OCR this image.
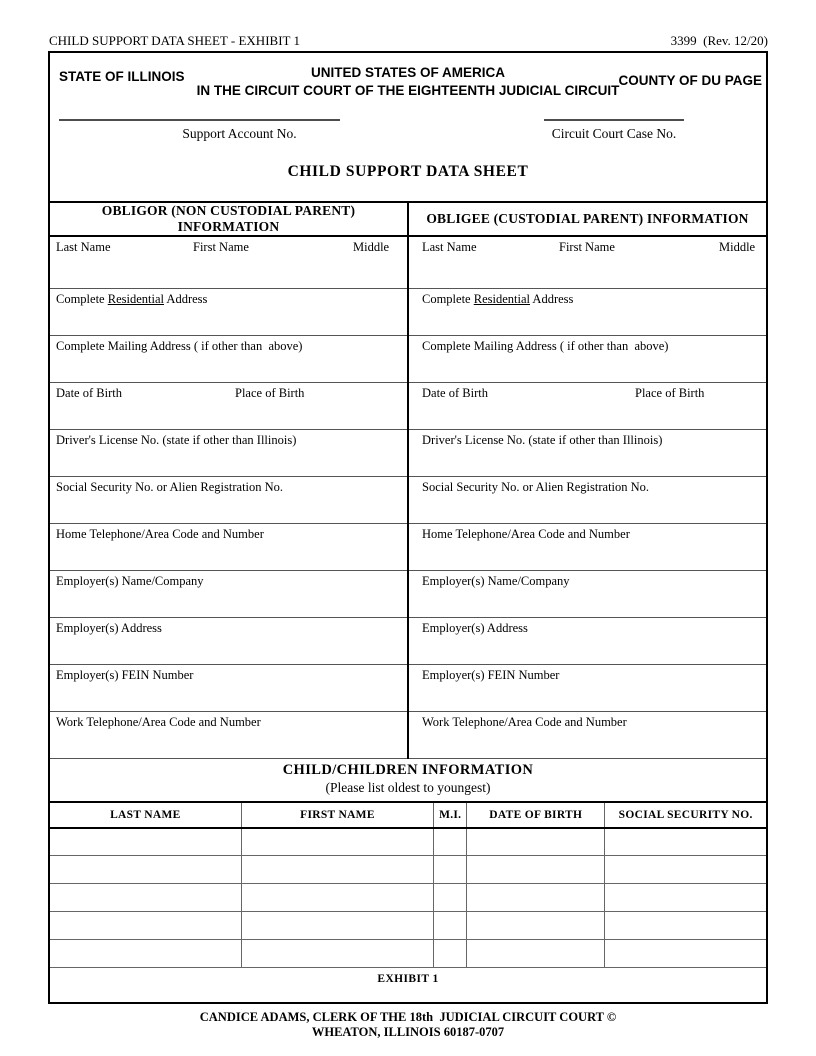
CHILD SUPPORT DATA SHEET - EXHIBIT 1	3399  (Rev. 12/20)
STATE OF ILLINOIS	UNITED STATES OF AMERICA
IN THE CIRCUIT COURT OF THE EIGHTEENTH JUDICIAL CIRCUIT
COUNTY OF DU PAGE
Support Account No.	Circuit Court Case No.
CHILD SUPPORT DATA SHEET
OBLIGOR (NON CUSTODIAL PARENT) INFORMATION	OBLIGEE (CUSTODIAL PARENT) INFORMATION
Last Name First Name Middle	Last Name First Name Middle
Complete Residential Address	Complete Residential Address
Complete Mailing Address ( if other than  above)	Complete Mailing Address ( if other than  above)
Date of Birth Place of Birth	Date of Birth Place of Birth
Driver's License No. (state if other than Illinois)	Driver's License No. (state if other than Illinois)
Social Security No. or Alien Registration No.	Social Security No. or Alien Registration No.
Home Telephone/Area Code and Number	Home Telephone/Area Code and Number
Employer(s) Name/Company	Employer(s) Name/Company
Employer(s) Address	Employer(s) Address
Employer(s) FEIN Number	Employer(s) FEIN Number
Work Telephone/Area Code and Number	Work Telephone/Area Code and Number
CHILD/CHILDREN INFORMATION
(Please list oldest to youngest)
LAST NAME	FIRST NAME	M.I.	DATE OF BIRTH	SOCIAL SECURITY NO.

EXHIBIT 1
CANDICE ADAMS, CLERK OF THE 18th  JUDICIAL CIRCUIT COURT ©
WHEATON, ILLINOIS 60187-0707
